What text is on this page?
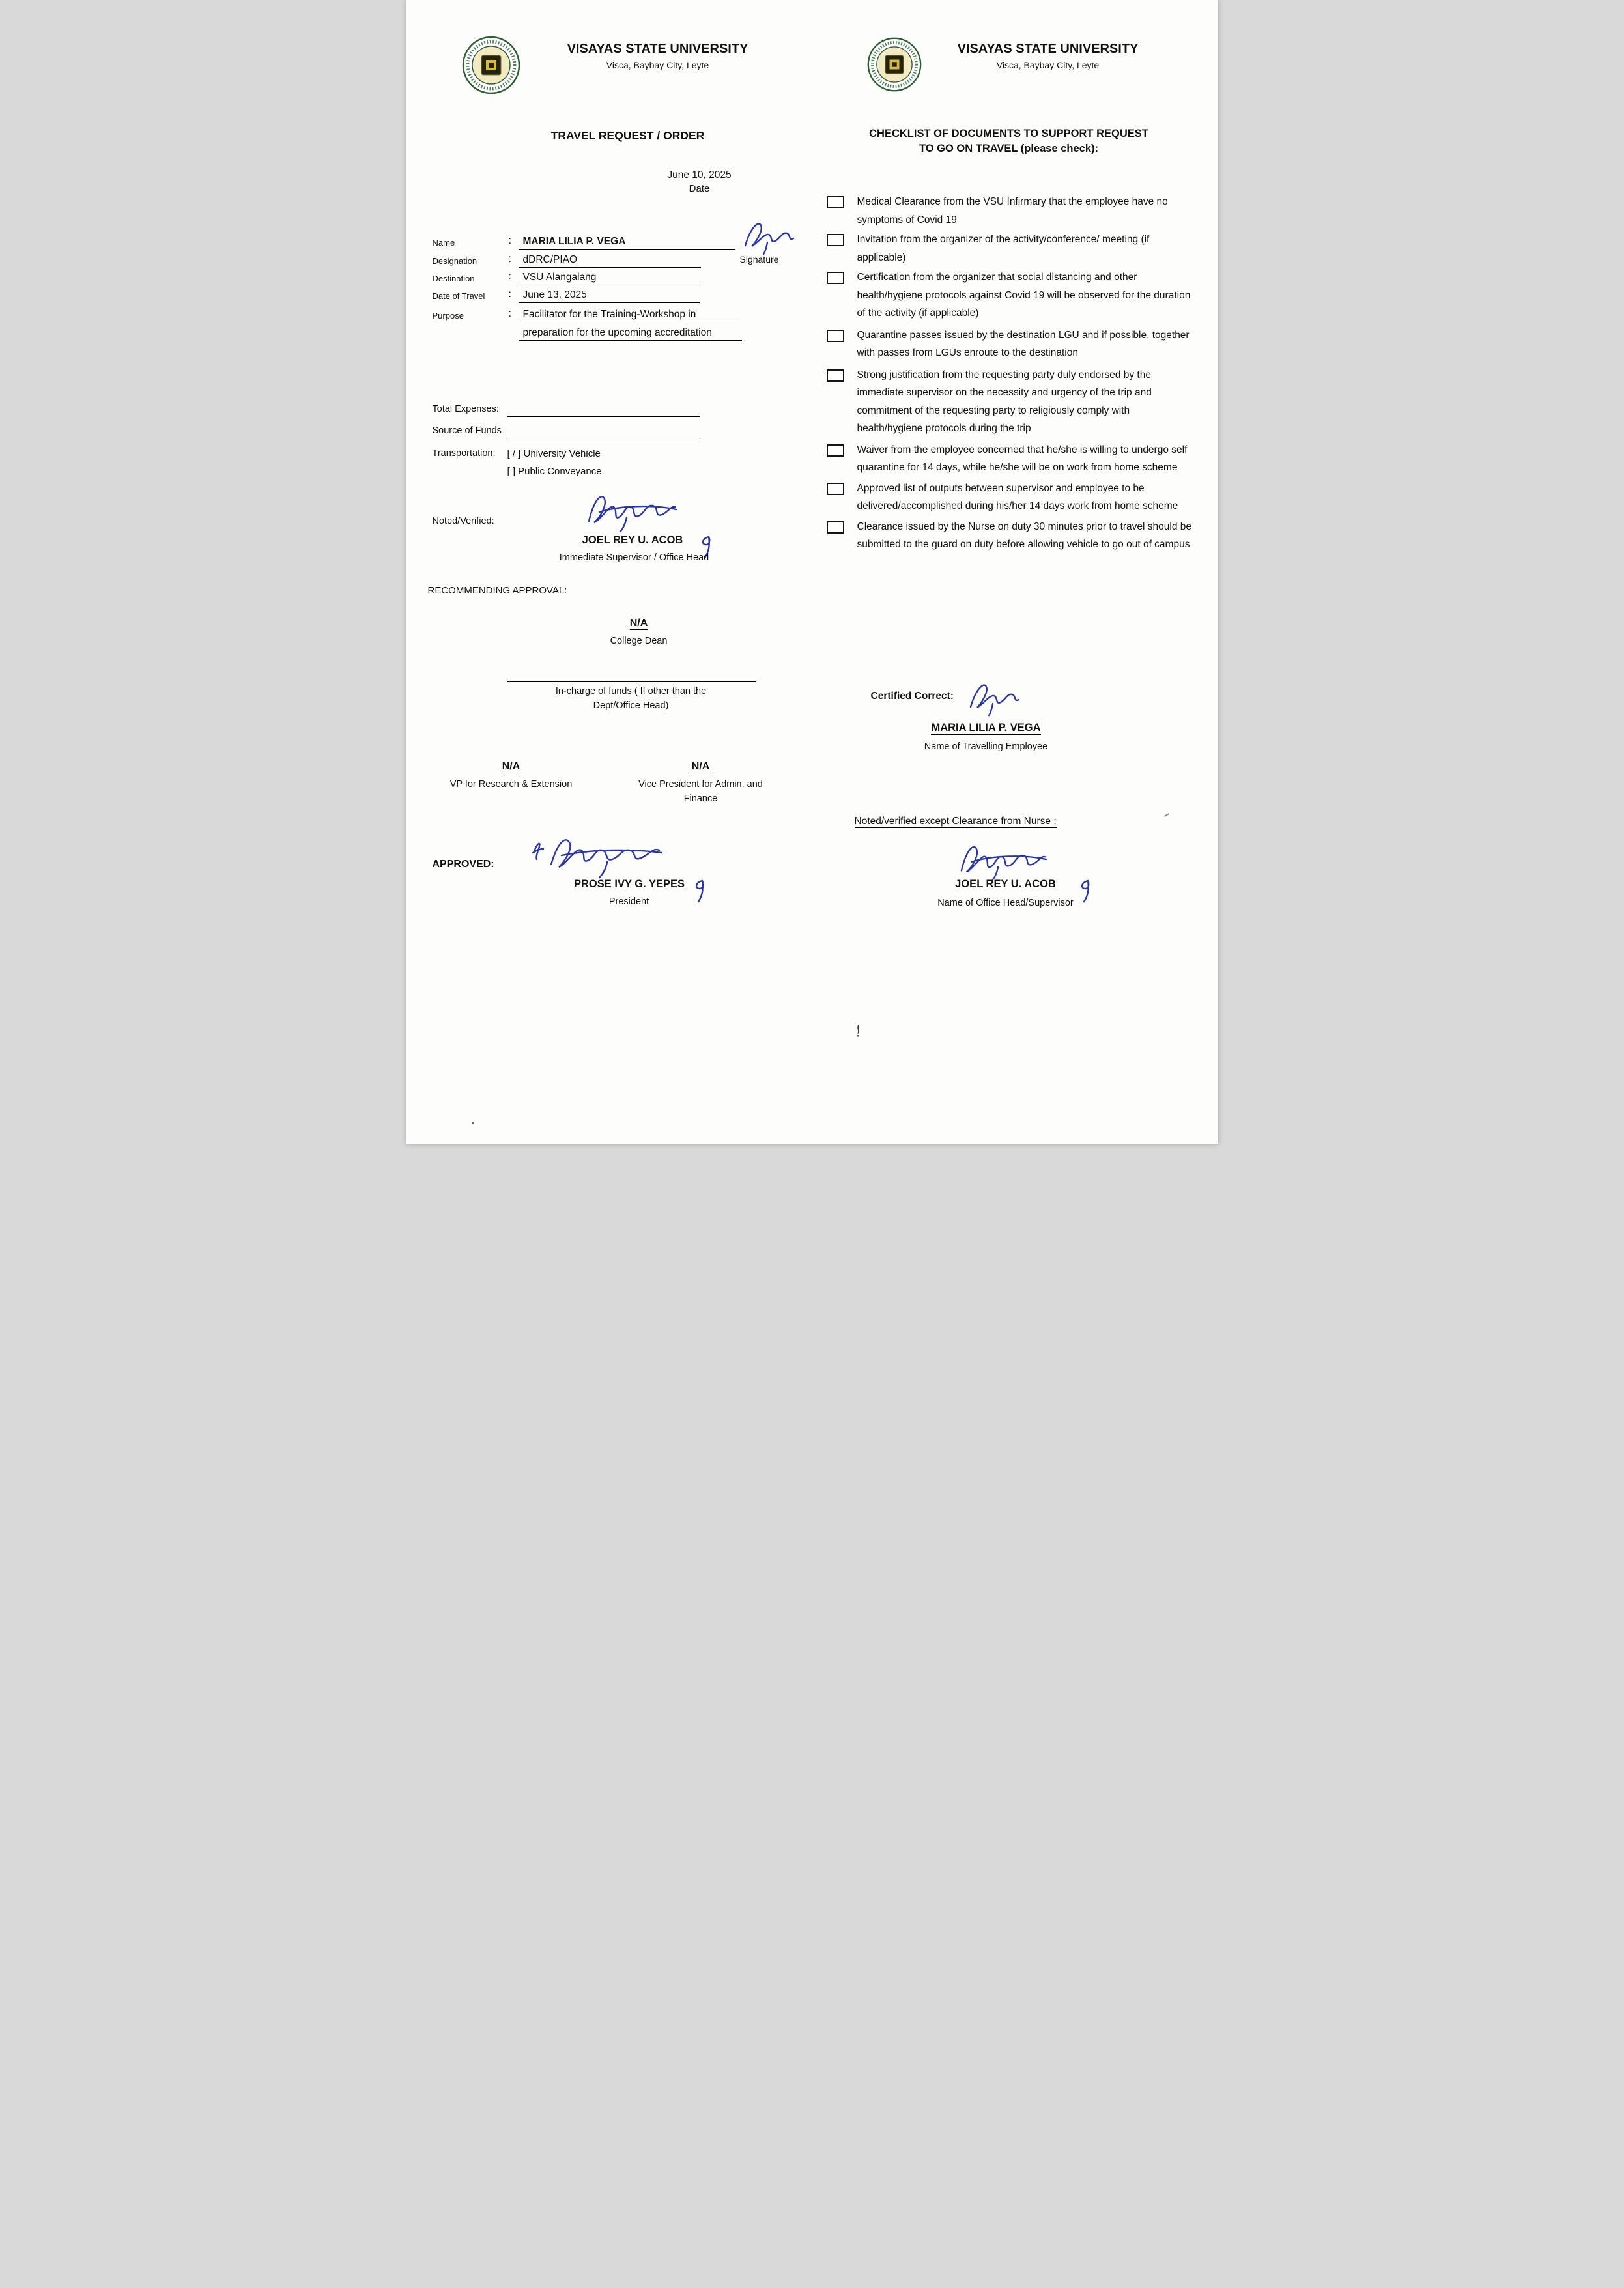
VISAYAS STATE UNIVERSITY
Visca, Baybay City, Leyte
VISAYAS STATE UNIVERSITY
Visca, Baybay City, Leyte
TRAVEL REQUEST / ORDER
June 10, 2025
Date
Name	:	MARIA LILIA P. VEGA
Designation	:	dDRC/PIAO
Destination	:	VSU Alangalang
Date of Travel :	June 13, 2025
Purpose	:	Facilitator for the Training-Workshop in
preparation for the upcoming accreditation
Signature
Total Expenses:
Source of Funds
Transportation: [ / ] University Vehicle
[ ] Public Conveyance
Noted/Verified:
JOEL REY U. ACOB
Immediate Supervisor / Office Head
RECOMMENDING APPROVAL:
N/A
College Dean
In-charge of funds ( If other than the
Dept/Office Head)
N/A
VP for Research & Extension
N/A
Vice President for Admin. and
Finance
APPROVED:
PROSE IVY G. YEPES
President
CHECKLIST OF DOCUMENTS TO SUPPORT REQUEST
TO GO ON TRAVEL (please check):
Medical Clearance from the VSU Infirmary that the employee have no symptoms of Covid 19
Invitation from the organizer of the activity/conference/ meeting (if applicable)
Certification from the organizer that social distancing and other health/hygiene protocols against Covid 19 will be observed for the duration of the activity (if applicable)
Quarantine passes issued by the destination LGU and if possible, together with passes from LGUs enroute to the destination
Strong justification from the requesting party duly endorsed by the immediate supervisor on the necessity and urgency of the trip and commitment of the requesting party to religiously comply with health/hygiene protocols during the trip
Waiver from the employee concerned that he/she is willing to undergo self quarantine for 14 days, while he/she will be on work from home scheme
Approved list of outputs between supervisor and employee to be delivered/accomplished during his/her 14 days work from home scheme
Clearance issued by the Nurse on duty 30 minutes prior to travel should be submitted to the guard on duty before allowing vehicle to go out of campus
Certified Correct:
MARIA LILIA P. VEGA
Name of Travelling Employee
Noted/verified except Clearance from Nurse :
JOEL REY U. ACOB
Name of Office Head/Supervisor
